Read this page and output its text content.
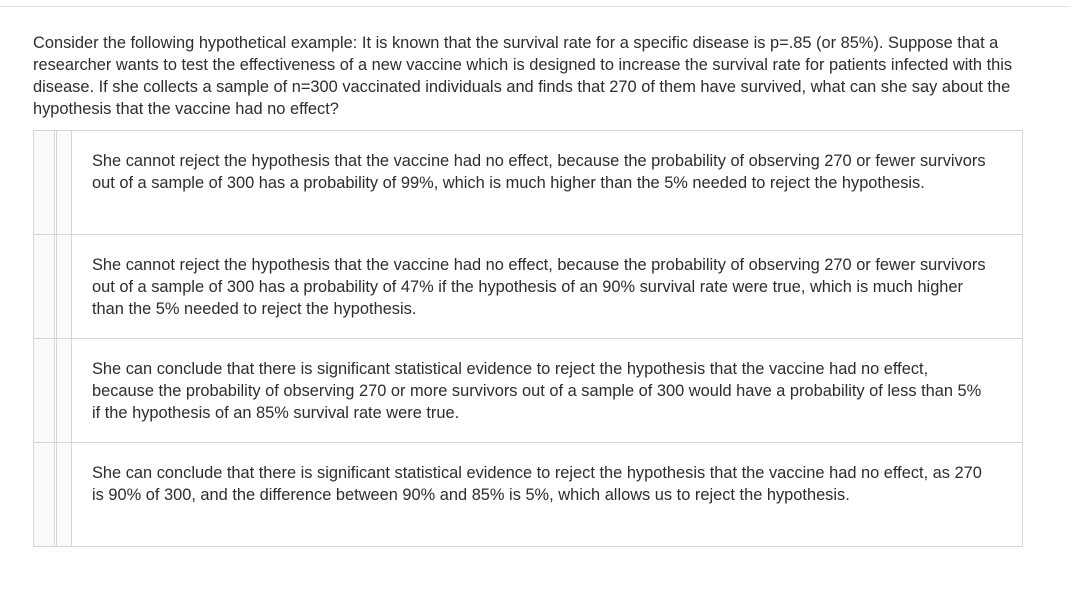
Consider the following hypothetical example: It is known that the survival rate for a specific disease is p=.85 (or 85%). Suppose that a researcher wants to test the effectiveness of a new vaccine which is designed to increase the survival rate for patients infected with this disease. If she collects a sample of n=300 vaccinated individuals and finds that 270 of them have survived, what can she say about the hypothesis that the vaccine had no effect?

She cannot reject the hypothesis that the vaccine had no effect, because the probability of observing 270 or fewer survivors out of a sample of 300 has a probability of 99%, which is much higher than the 5% needed to reject the hypothesis.

She cannot reject the hypothesis that the vaccine had no effect, because the probability of observing 270 or fewer survivors out of a sample of 300 has a probability of 47% if the hypothesis of an 90% survival rate were true, which is much higher than the 5% needed to reject the hypothesis.

She can conclude that there is significant statistical evidence to reject the hypothesis that the vaccine had no effect, because the probability of observing 270 or more survivors out of a sample of 300 would have a probability of less than 5% if the hypothesis of an 85% survival rate were true.

She can conclude that there is significant statistical evidence to reject the hypothesis that the vaccine had no effect, as 270 is 90% of 300, and the difference between 90% and 85% is 5%, which allows us to reject the hypothesis.
